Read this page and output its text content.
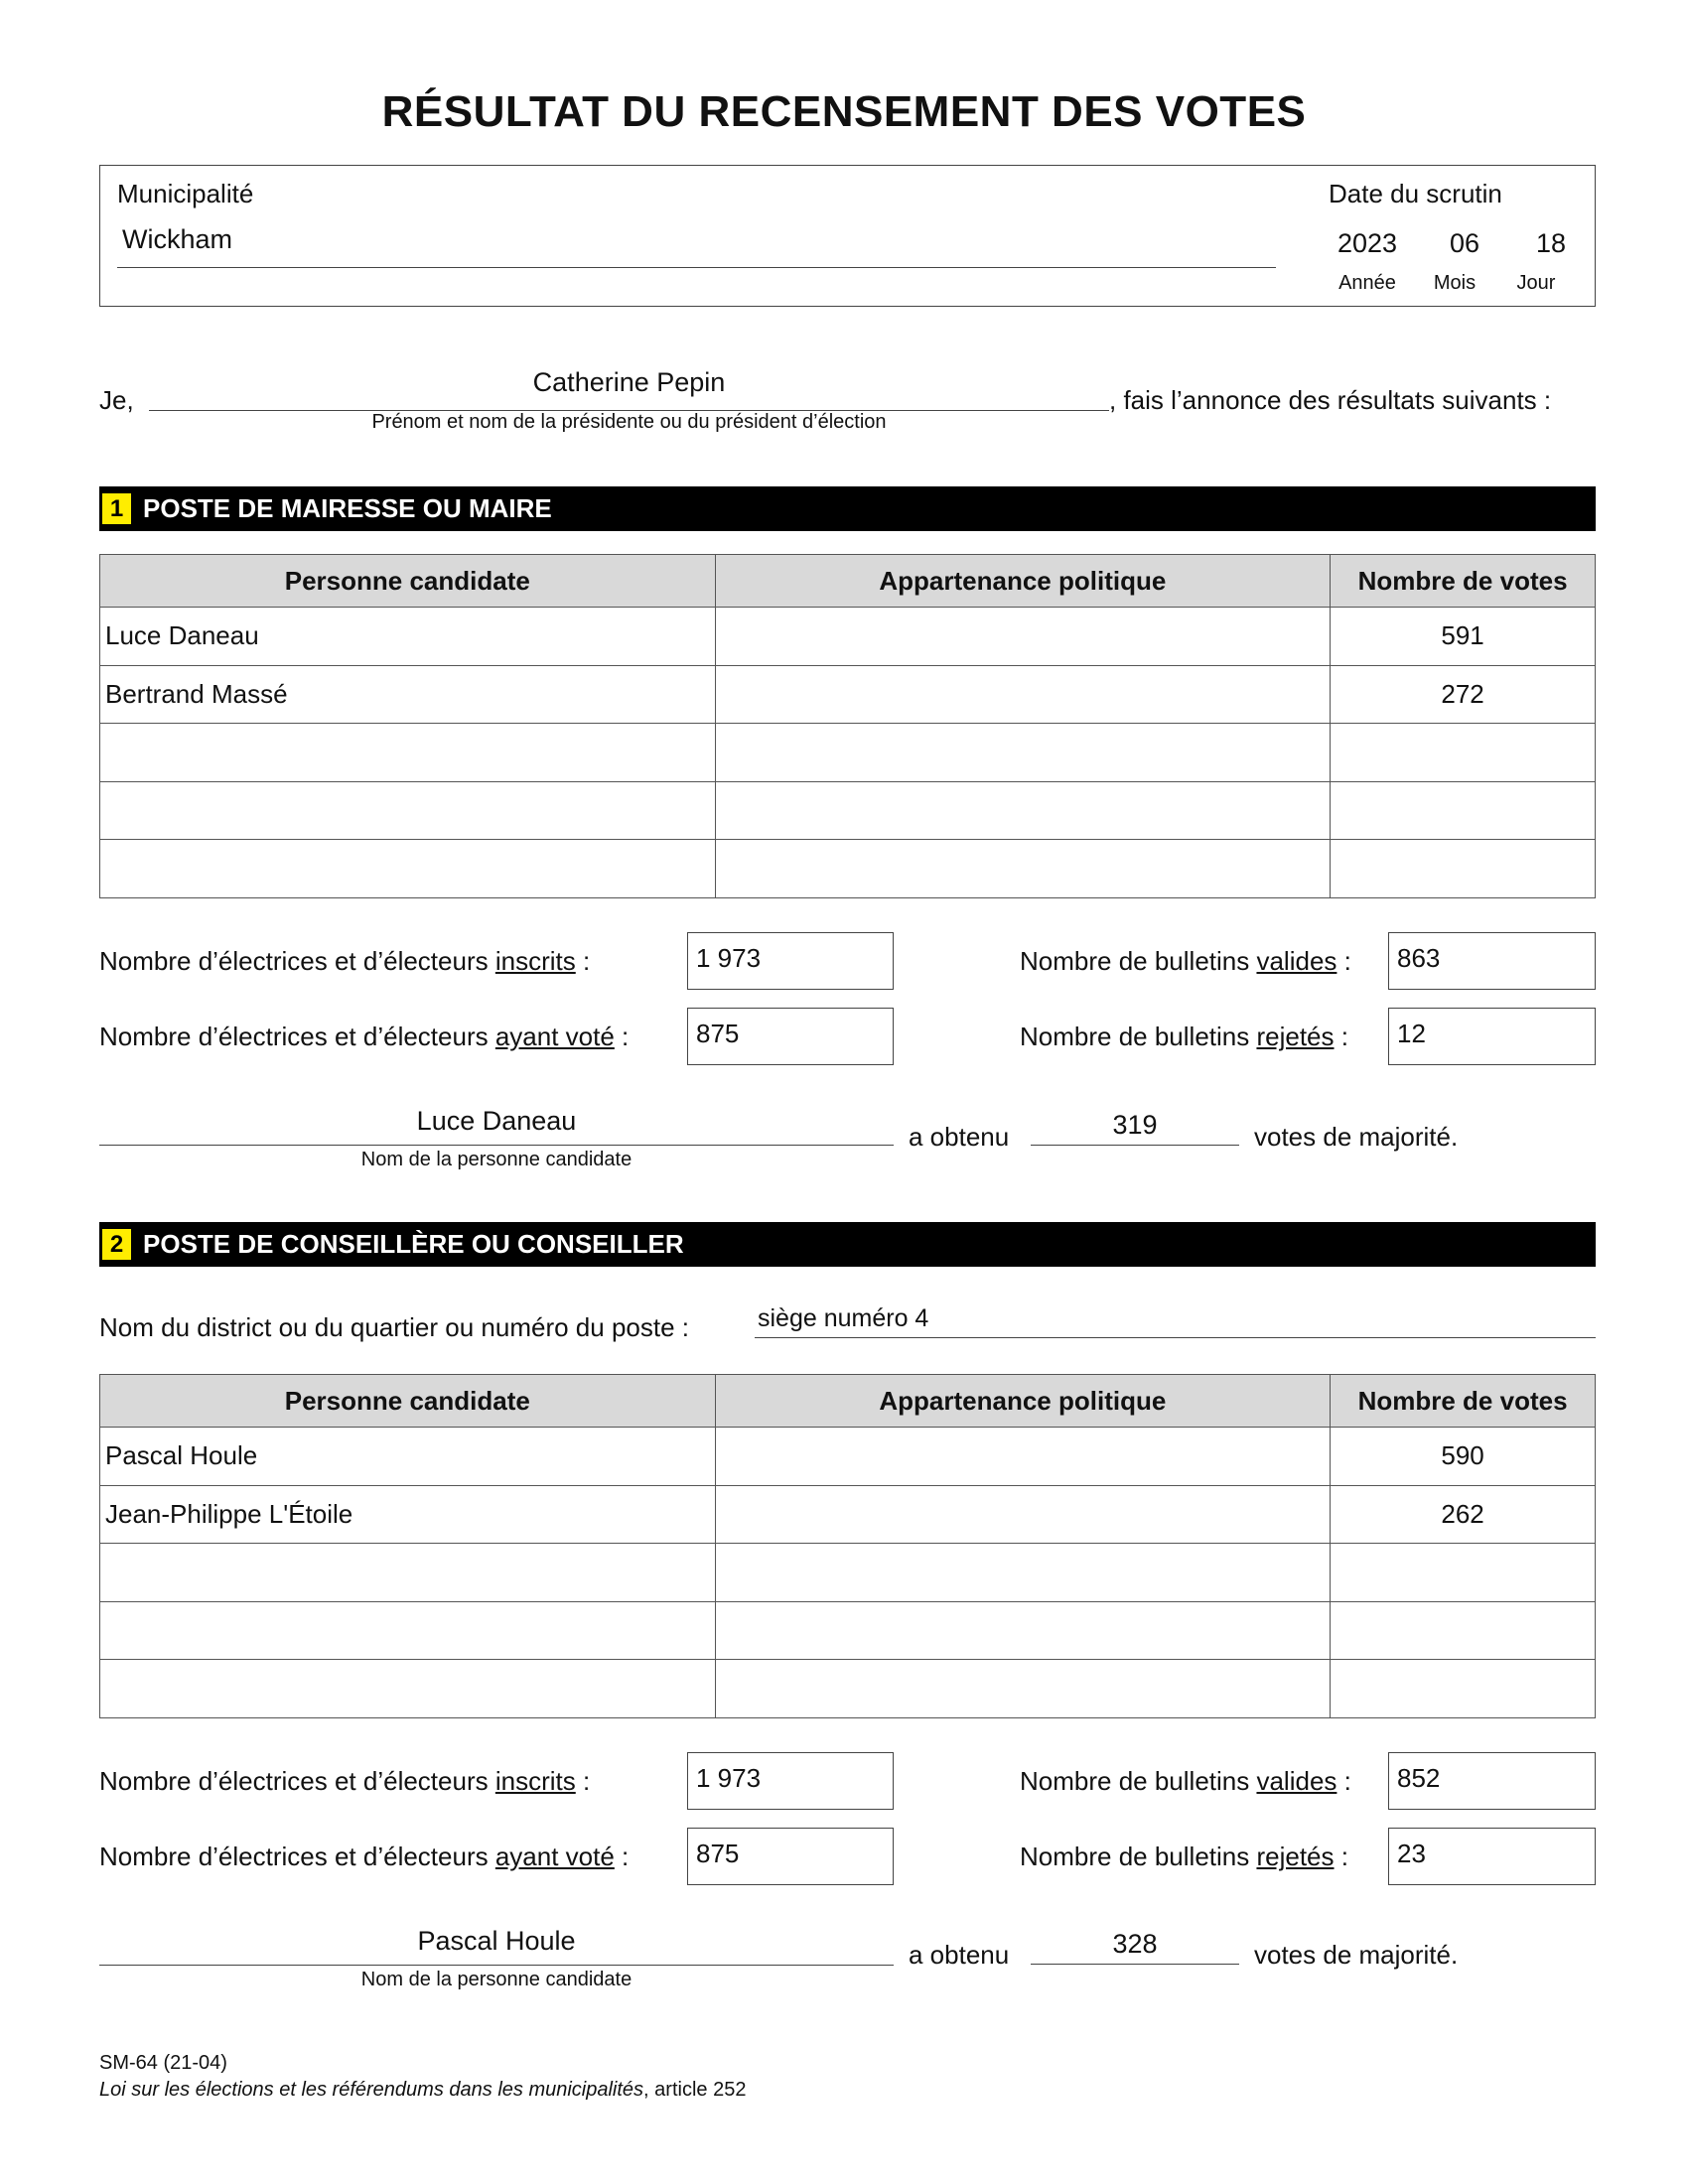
RÉSULTAT DU RECENSEMENT DES VOTES
Municipalité
Wickham
Date du scrutin
2023	06	18
Année	Mois	Jour
Je,
Catherine Pepin
Prénom et nom de la présidente ou du président d’élection
, fais l’annonce des résultats suivants :
1 POSTE DE MAIRESSE OU MAIRE
Personne candidate	Appartenance politique	Nombre de votes
Luce Daneau		591
Bertrand Massé		272

Nombre d’électrices et d’électeurs inscrits :	1 973	Nombre de bulletins valides :	863
Nombre d’électrices et d’électeurs ayant voté :	875	Nombre de bulletins rejetés :	12
Luce Daneau
Nom de la personne candidate
a obtenu	319	votes de majorité.
2 POSTE DE CONSEILLÈRE OU CONSEILLER
Nom du district ou du quartier ou numéro du poste :	siège numéro 4
Personne candidate	Appartenance politique	Nombre de votes
Pascal Houle		590
Jean-Philippe L'Étoile		262

Nombre d’électrices et d’électeurs inscrits :	1 973	Nombre de bulletins valides :	852
Nombre d’électrices et d’électeurs ayant voté :	875	Nombre de bulletins rejetés :	23
Pascal Houle
Nom de la personne candidate
a obtenu	328	votes de majorité.
SM-64 (21-04)
Loi sur les élections et les référendums dans les municipalités, article 252
